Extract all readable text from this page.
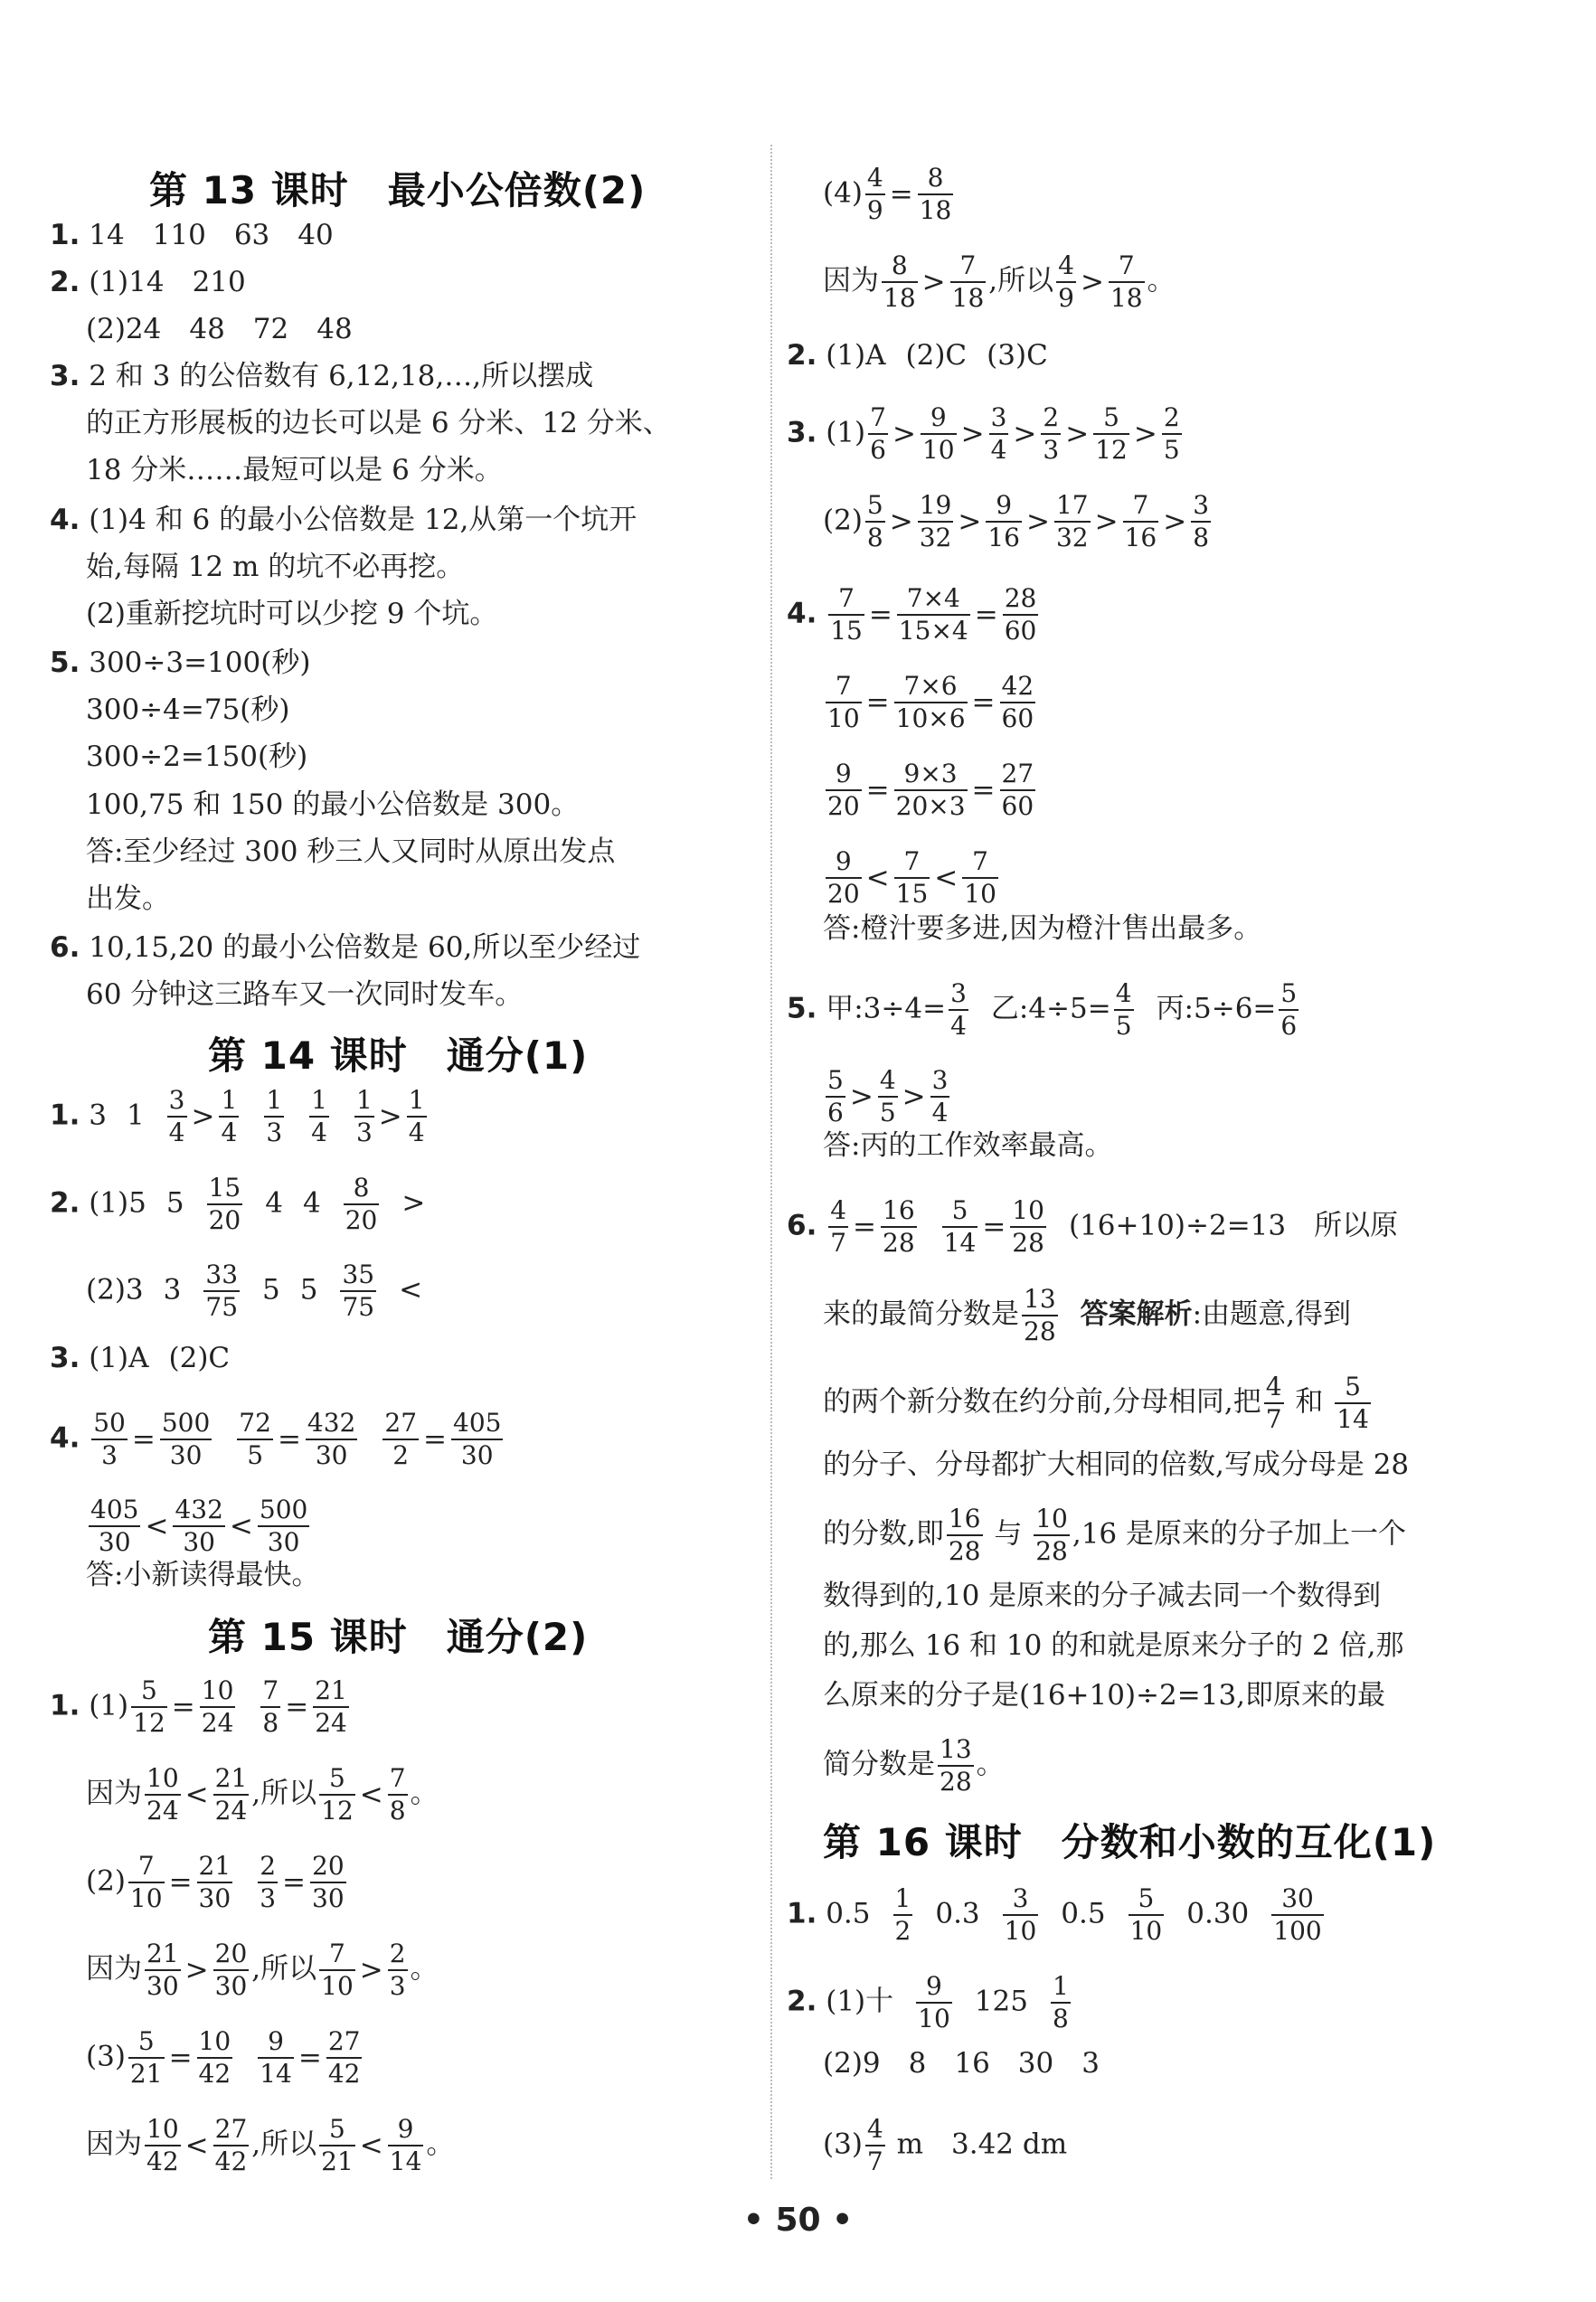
第 13 课时　最小公倍数(2)
1. 14　110　63　40
2. (1)14　210
(2)24　48　72　48
3. 2 和 3 的公倍数有 6,12,18,…,所以摆成
的正方形展板的边长可以是 6 分米、12 分米、
18 分米……最短可以是 6 分米。
4. (1)4 和 6 的最小公倍数是 12,从第一个坑开
始,每隔 12 m 的坑不必再挖。
(2)重新挖坑时可以少挖 9 个坑。
5. 300÷3=100(秒)
300÷4=75(秒)
300÷2=150(秒)
100,75 和 150 的最小公倍数是 300。
答:至少经过 300 秒三人又同时从原出发点
出发。
6. 10,15,20 的最小公倍数是 60,所以至少经过
60 分钟这三路车又一次同时发车。
第 14 课时　通分(1)
1. 3 $1 \frac{3}{4} > \frac{1}{4} \frac{1}{3} \frac{1}{4} \frac{1}{3} > \frac{1}{4}$
2. (1)5 $5 \frac{15}{20} 4$ $4 \frac{8}{20}$ >
(2)3 $3 \frac{33}{75} 5$ $5 \frac{35}{75}$ <
3. (1)A (2)C
4. $\frac{50}{3} = \frac{500}{30} \frac{72}{5} = \frac{432}{30} \frac{27}{2} = \frac{405}{30}$
$\frac{405}{30} < \frac{432}{30} < \frac{500}{30}$
答:小新读得最快。
第 15 课时　通分(2)
1. $(1) \frac{5}{12} = \frac{10}{24} \frac{7}{8} = \frac{21}{24}$
因为 $\frac{10}{24} < \frac{21}{24}$ ,所以 $\frac{5}{12} < \frac{7}{8}$ 。
$(2) \frac{7}{10} = \frac{21}{30} \frac{2}{3} = \frac{20}{30}$
因为 $\frac{21}{30} > \frac{20}{30}$ ,所以 $\frac{7}{10} > \frac{2}{3}$ 。
$(3) \frac{5}{21} = \frac{10}{42} \frac{9}{14} = \frac{27}{42}$
因为 $\frac{10}{42} < \frac{27}{42}$ ,所以 $\frac{5}{21} < \frac{9}{14}$ 。
$(4) \frac{4}{9} = \frac{8}{18}$
因为 $\frac{8}{18} > \frac{7}{18}$ ,所以 $\frac{4}{9} > \frac{7}{18}$ 。
2. (1)A (2)C (3)C
3. $(1) \frac{7}{6} > \frac{9}{10} > \frac{3}{4} > \frac{2}{3} > \frac{5}{12} > \frac{2}{5}$
$(2) \frac{5}{8} > \frac{19}{32} > \frac{9}{16} > \frac{17}{32} > \frac{7}{16} > \frac{3}{8}$
4. $\frac{7}{15} = \frac{7\times 4}{15\times 4} = \frac{28}{60}$
$\frac{7}{10} = \frac{7\times 6}{10\times 6} = \frac{42}{60}$
$\frac{9}{20} = \frac{9\times 3}{20\times 3} = \frac{27}{60}$
$\frac{9}{20} < \frac{7}{15} < \frac{7}{10}$
答:橙汁要多进,因为橙汁售出最多。
5. 甲:3÷4= $\frac{3}{4}$ 乙:4÷5= $\frac{4}{5}$ 丙:5÷6= $\frac{5}{6}$
$\frac{5}{6} > \frac{4}{5} > \frac{3}{4}$
答:丙的工作效率最高。
6. $\frac{4}{7} = \frac{16}{28} \frac{5}{14} = \frac{10}{28} (16+10)\div 2=13$　所以原
来的最简分数是 $\frac{13}{28}$ 答案解析:由题意,得到
的两个新分数在约分前,分母相同,把 $\frac{4}{7}$ 和 $\frac{5}{14}$
的分子、分母都扩大相同的倍数,写成分母是 28
的分数,即 $\frac{16}{28}$ 与 $\frac{10}{28} ,16$ 是原来的分子加上一个
数得到的,10 是原来的分子减去同一个数得到
的,那么 16 和 10 的和就是原来分子的 2 倍,那
么原来的分子是(16+10)÷2=13,即原来的最
简分数是 $\frac{13}{28}$ 。
第 16 课时　分数和小数的互化(1)
1. $0.5 \frac{1}{2} 0.3 \frac{3}{10} 0.5 \frac{5}{10} 0.30 \frac{30}{100}$
2. (1)十 $\frac{9}{10} 125 \frac{1}{8}$
(2)9　8　16　30　3
$(3) \frac{4}{7}$ m　3.42 dm
• 50 •
